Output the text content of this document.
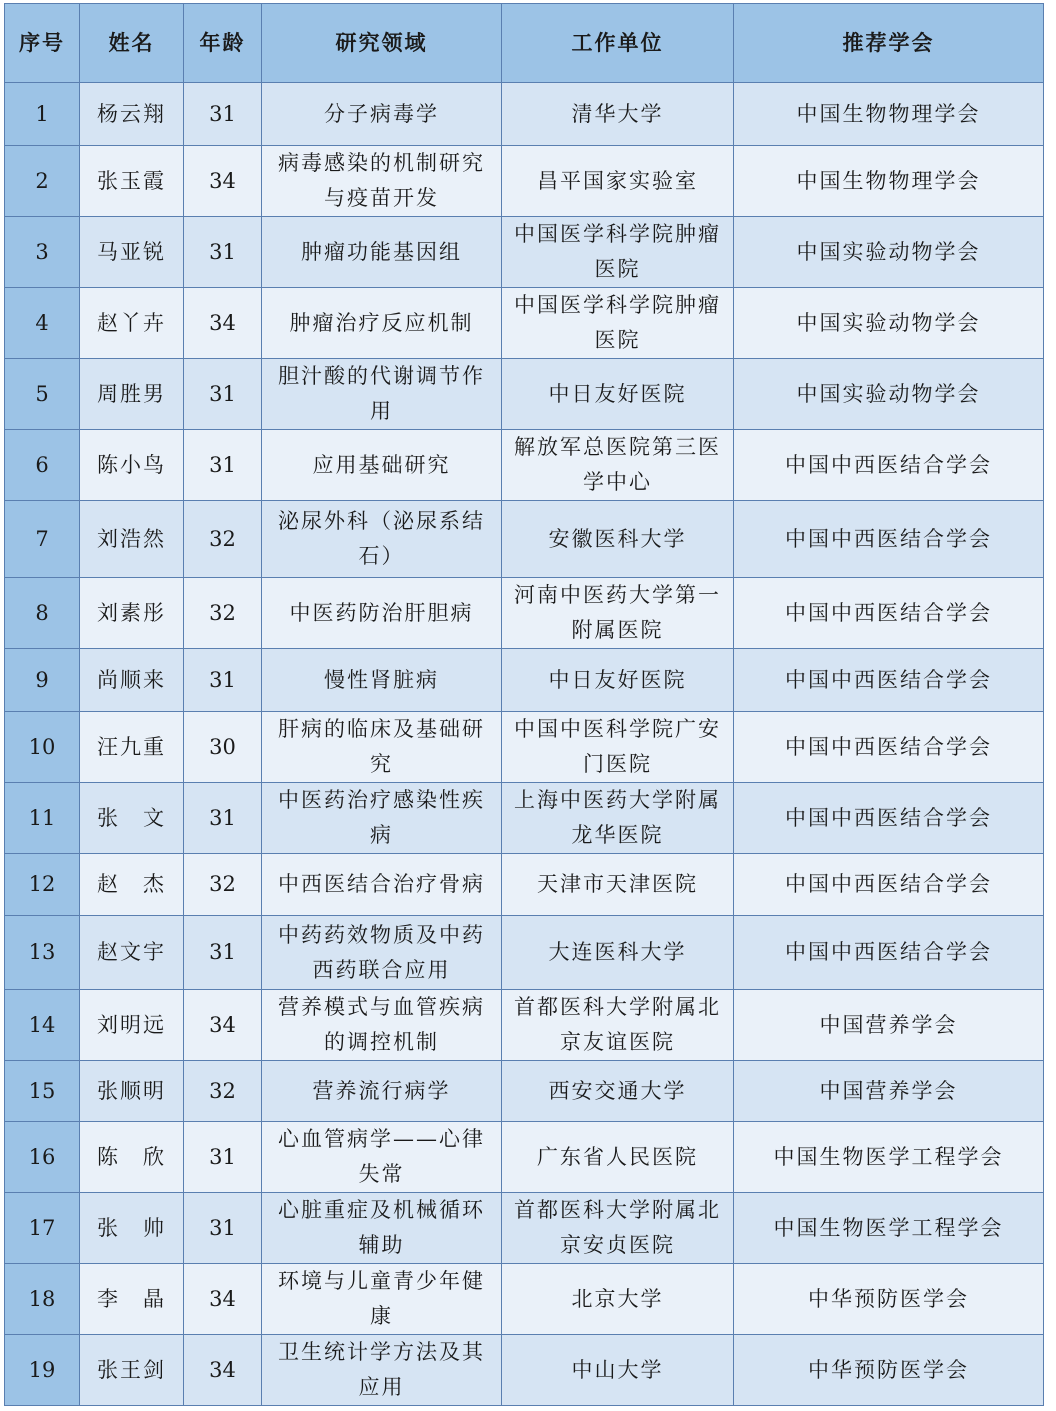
序号	姓名	年龄	研究领域	工作单位	推荐学会
1	杨云翔	31	分子病毒学	清华大学	中国生物物理学会
2	张玉霞	34	病毒感染的机制研究与疫苗开发	昌平国家实验室	中国生物物理学会
3	马亚锐	31	肿瘤功能基因组	中国医学科学院肿瘤医院	中国实验动物学会
4	赵丫卉	34	肿瘤治疗反应机制	中国医学科学院肿瘤医院	中国实验动物学会
5	周胜男	31	胆汁酸的代谢调节作用	中日友好医院	中国实验动物学会
6	陈小鸟	31	应用基础研究	解放军总医院第三医学中心	中国中西医结合学会
7	刘浩然	32	泌尿外科（泌尿系结石）	安徽医科大学	中国中西医结合学会
8	刘素彤	32	中医药防治肝胆病	河南中医药大学第一附属医院	中国中西医结合学会
9	尚顺来	31	慢性肾脏病	中日友好医院	中国中西医结合学会
10	汪九重	30	肝病的临床及基础研究	中国中医科学院广安门医院	中国中西医结合学会
11	张　文	31	中医药治疗感染性疾病	上海中医药大学附属龙华医院	中国中西医结合学会
12	赵　杰	32	中西医结合治疗骨病	天津市天津医院	中国中西医结合学会
13	赵文宇	31	中药药效物质及中药西药联合应用	大连医科大学	中国中西医结合学会
14	刘明远	34	营养模式与血管疾病的调控机制	首都医科大学附属北京友谊医院	中国营养学会
15	张顺明	32	营养流行病学	西安交通大学	中国营养学会
16	陈　欣	31	心血管病学——心律失常	广东省人民医院	中国生物医学工程学会
17	张　帅	31	心脏重症及机械循环辅助	首都医科大学附属北京安贞医院	中国生物医学工程学会
18	李　晶	34	环境与儿童青少年健康	北京大学	中华预防医学会
19	张王剑	34	卫生统计学方法及其应用	中山大学	中华预防医学会
